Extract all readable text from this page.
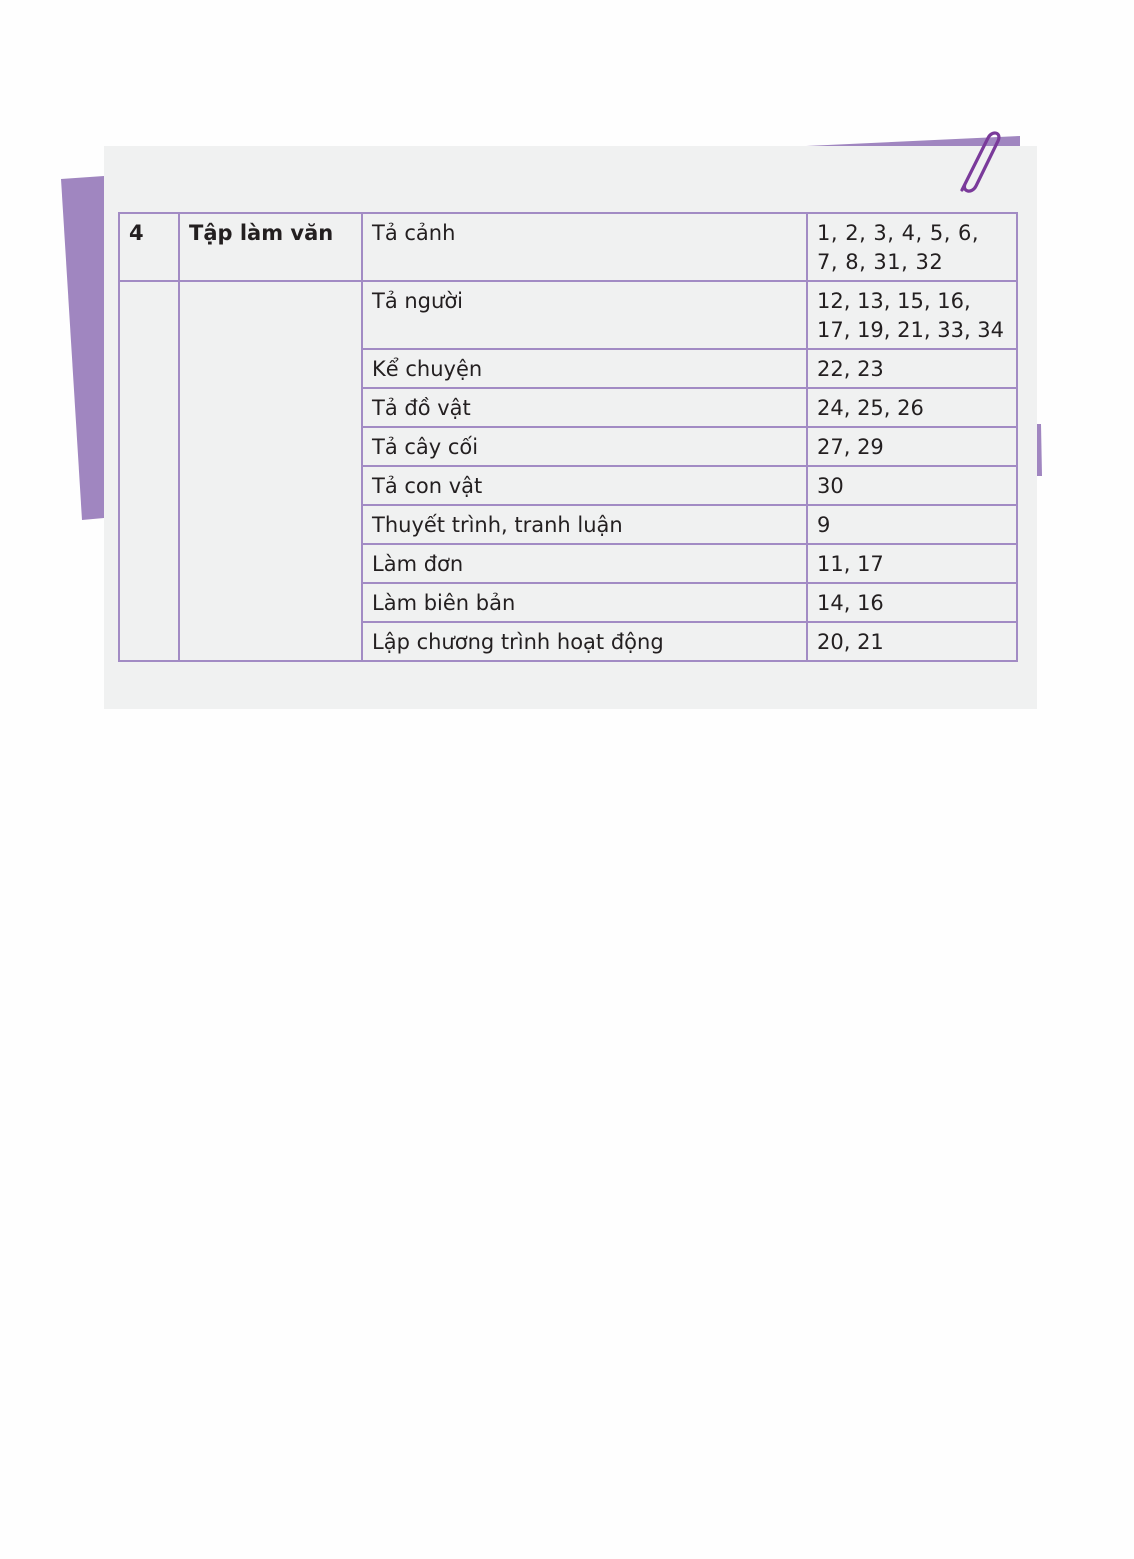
4	Tập làm văn	Tả cảnh	1, 2, 3, 4, 5, 6, 7, 8, 31, 32
		Tả người	12, 13, 15, 16, 17, 19, 21, 33, 34
		Kể chuyện	22, 23
		Tả đồ vật	24, 25, 26
		Tả cây cối	27, 29
		Tả con vật	30
		Thuyết trình, tranh luận	9
		Làm đơn	11, 17
		Làm biên bản	14, 16
		Lập chương trình hoạt động	20, 21
